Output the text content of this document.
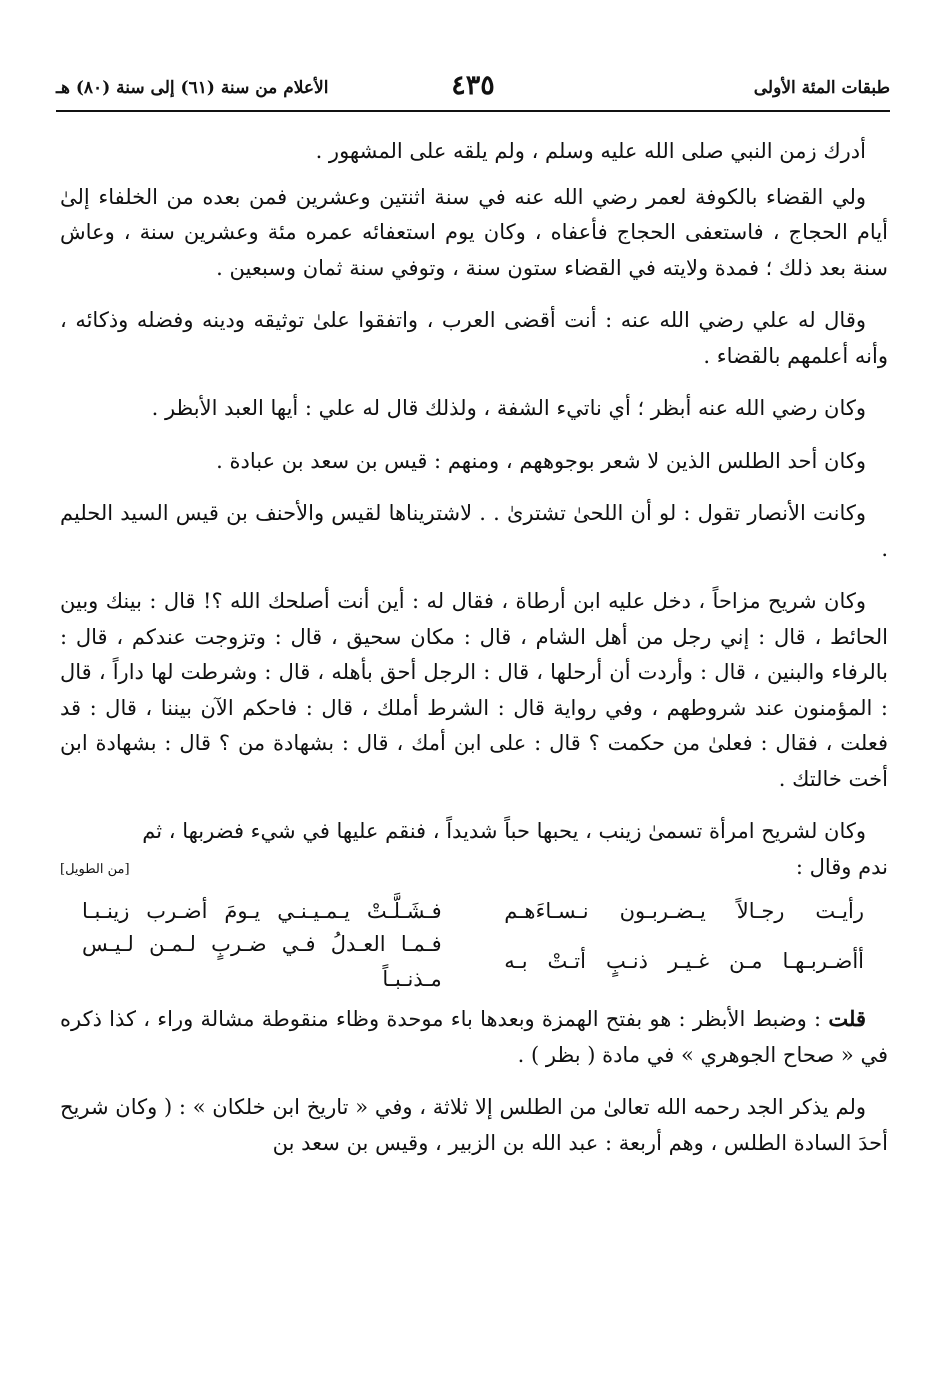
طبقات المئة الأولى
٤٣٥
الأعلام من سنة (٦١) إلى سنة (٨٠) هـ

أدرك زمن النبي صلى الله عليه وسلم ، ولم يلقه على المشهور .

ولي القضاء بالكوفة لعمر رضي الله عنه في سنة اثنتين وعشرين فمن بعده من الخلفاء إلىٰ أيام الحجاج ، فاستعفى الحجاج فأعفاه ، وكان يوم استعفائه عمره مئة وعشرين سنة ، وعاش سنة بعد ذلك ؛ فمدة ولايته في القضاء ستون سنة ، وتوفي سنة ثمان وسبعين .

وقال له علي رضي الله عنه : أنت أقضى العرب ، واتفقوا علىٰ توثيقه ودينه وفضله وذكائه ، وأنه أعلمهم بالقضاء .

وكان رضي الله عنه أبظر ؛ أي ناتيء الشفة ، ولذلك قال له علي : أيها العبد الأبظر .

وكان أحد الطلس الذين لا شعر بوجوههم ، ومنهم : قيس بن سعد بن عبادة .

وكانت الأنصار تقول : لو أن اللحىٰ تشترىٰ . . لاشتريناها لقيس والأحنف بن قيس السيد الحليم .

وكان شريح مزاحاً ، دخل عليه ابن أرطاة ، فقال له : أين أنت أصلحك الله ؟! قال : بينك وبين الحائط ، قال : إني رجل من أهل الشام ، قال : مكان سحيق ، قال : وتزوجت عندكم ، قال : بالرفاء والبنين ، قال : وأردت أن أرحلها ، قال : الرجل أحق بأهله ، قال : وشرطت لها داراً ، قال : المؤمنون عند شروطهم ، وفي رواية قال : الشرط أملك ، قال : فاحكم الآن بيننا ، قال : قد فعلت ، فقال : فعلىٰ من حكمت ؟ قال : على ابن أمك ، قال : بشهادة من ؟ قال : بشهادة ابن أخت خالتك .

وكان لشريح امرأة تسمىٰ زينب ، يحبها حباً شديداً ، فنقم عليها في شيء فضربها ، ثم

ندم وقال :
[من الطويل]
رأيـت رجـالاً يـضـربـون نـسـاءَهـم
فـشَـلَّـتْ يـمـيـنـي يـومَ أضـرب زينـبـا
أأضـربـهـا مـن غـيـر ذنـبٍ أتـتْ بـه
فـمـا العـدلُ فـي ضـربٍ لـمـن لـيـس مـذنـبـاً

قلت : وضبط الأبظر : هو بفتح الهمزة وبعدها باء موحدة وظاء منقوطة مشالة وراء ، كذا ذكره في « صحاح الجوهري » في مادة ( بظر ) .

ولم يذكر الجد رحمه الله تعالىٰ من الطلس إلا ثلاثة ، وفي « تاريخ ابن خلكان » : ( وكان شريح أحدَ السادة الطلس ، وهم أربعة : عبد الله بن الزبير ، وقيس بن سعد بن
